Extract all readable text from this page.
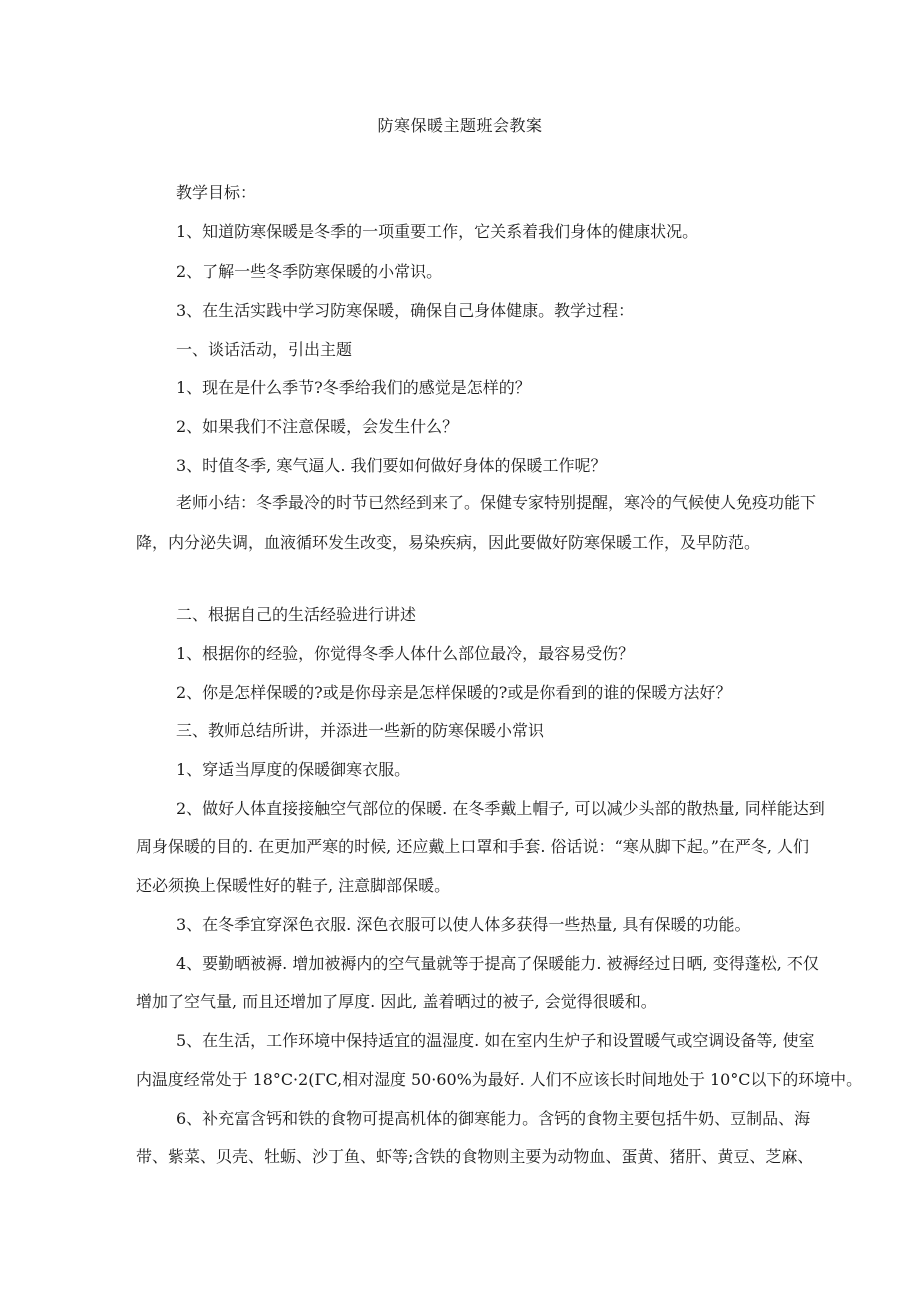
防寒保暖主题班会教案
教学目标：
1、知道防寒保暖是冬季的一项重要工作，它关系着我们身体的健康状况。
2、了解一些冬季防寒保暖的小常识。
3、在生活实践中学习防寒保暖，确保自己身体健康。教学过程：
一、谈话活动，引出主题
1、现在是什么季节?冬季给我们的感觉是怎样的？
2、如果我们不注意保暖，会发生什么？
3、时值冬季, 寒气逼人. 我们要如何做好身体的保暖工作呢？
老师小结：冬季最冷的时节已然经到来了。保健专家特别提醒，寒冷的气候使人免疫功能下
降，内分泌失调，血液循环发生改变，易染疾病，因此要做好防寒保暖工作，及早防范。
二、根据自己的生活经验进行讲述
1、根据你的经验，你觉得冬季人体什么部位最冷，最容易受伤？
2、你是怎样保暖的?或是你母亲是怎样保暖的?或是你看到的谁的保暖方法好？
三、教师总结所讲，并添进一些新的防寒保暖小常识
1、穿适当厚度的保暖御寒衣服。
2、做好人体直接接触空气部位的保暖. 在冬季戴上帽子, 可以减少头部的散热量, 同样能达到
周身保暖的目的. 在更加严寒的时候, 还应戴上口罩和手套. 俗话说：“寒从脚下起。”在严冬, 人们
还必须换上保暖性好的鞋子, 注意脚部保暖。
3、在冬季宜穿深色衣服. 深色衣服可以使人体多获得一些热量, 具有保暖的功能。
4、要勤晒被褥. 增加被褥内的空气量就等于提高了保暖能力. 被褥经过日晒, 变得蓬松, 不仅
增加了空气量, 而且还增加了厚度. 因此, 盖着晒过的被子, 会觉得很暖和。
5、在生活，工作环境中保持适宜的温湿度. 如在室内生炉子和设置暖气或空调设备等, 使室
内温度经常处于 18°C·2(ΓC,相对湿度 50·60%为最好. 人们不应该长时间地处于 10°C以下的环境中。
6、补充富含钙和铁的食物可提高机体的御寒能力。含钙的食物主要包括牛奶、豆制品、海
带、紫菜、贝壳、牡蛎、沙丁鱼、虾等;含铁的食物则主要为动物血、蛋黄、猪肝、黄豆、芝麻、
